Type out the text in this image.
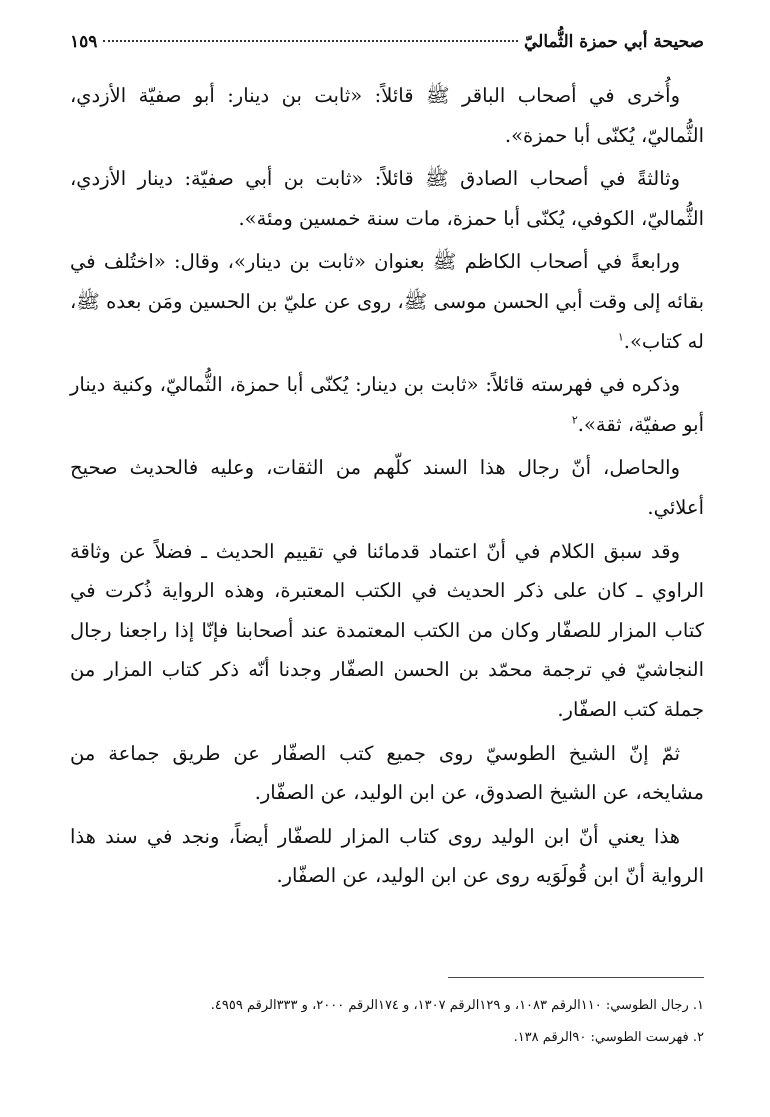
صحيحة أبي حمزة الثُّماليّ
١٥٩

وأُخرى في أصحاب الباقر ﷺ قائلاً: «ثابت بن دينار: أبو صفيّة الأزدي، الثُّماليّ، يُكنّى أبا حمزة».

وثالثةً في أصحاب الصادق ﷺ قائلاً: «ثابت بن أبي صفيّة: دينار الأزدي، الثُّماليّ، الكوفي، يُكنّى أبا حمزة، مات سنة خمسين ومئة».

ورابعةً في أصحاب الكاظم ﷺ بعنوان «ثابت بن دينار»، وقال: «اختُلف في بقائه إلى وقت أبي الحسن موسى ﷺ، روى عن عليّ بن الحسين ومَن بعده ﷺ، له كتاب».$^١$

وذكره في فهرسته قائلاً: «ثابت بن دينار: يُكنّى أبا حمزة، الثُّماليّ، وكنية دينار أبو صفيّة، ثقة».$^٢$

والحاصل، أنّ رجال هذا السند كلّهم من الثقات، وعليه فالحديث صحيح أعلائي.

وقد سبق الكلام في أنّ اعتماد قدمائنا في تقييم الحديث ـ فضلاً عن وثاقة الراوي ـ كان على ذكر الحديث في الكتب المعتبرة، وهذه الرواية ذُكرت في كتاب المزار للصفّار وكان من الكتب المعتمدة عند أصحابنا فإنّا إذا راجعنا رجال النجاشيّ في ترجمة محمّد بن الحسن الصفّار وجدنا أنّه ذكر كتاب المزار من جملة كتب الصفّار.

ثمّ إنّ الشيخ الطوسيّ روى جميع كتب الصفّار عن طريق جماعة من مشايخه، عن الشيخ الصدوق، عن ابن الوليد، عن الصفّار.

هذا يعني أنّ ابن الوليد روى كتاب المزار للصفّار أيضاً، ونجد في سند هذا الرواية أنّ ابن قُولَوَيه روى عن ابن الوليد، عن الصفّار.

١. رجال الطوسي: ١١٠الرقم ١٠٨٣، و ١٢٩الرقم ١٣٠٧، و ١٧٤الرقم ٢٠٠٠، و ٣٣٣الرقم ٤٩٥٩.
٢. فهرست الطوسي: ٩٠الرقم ١٣٨.
